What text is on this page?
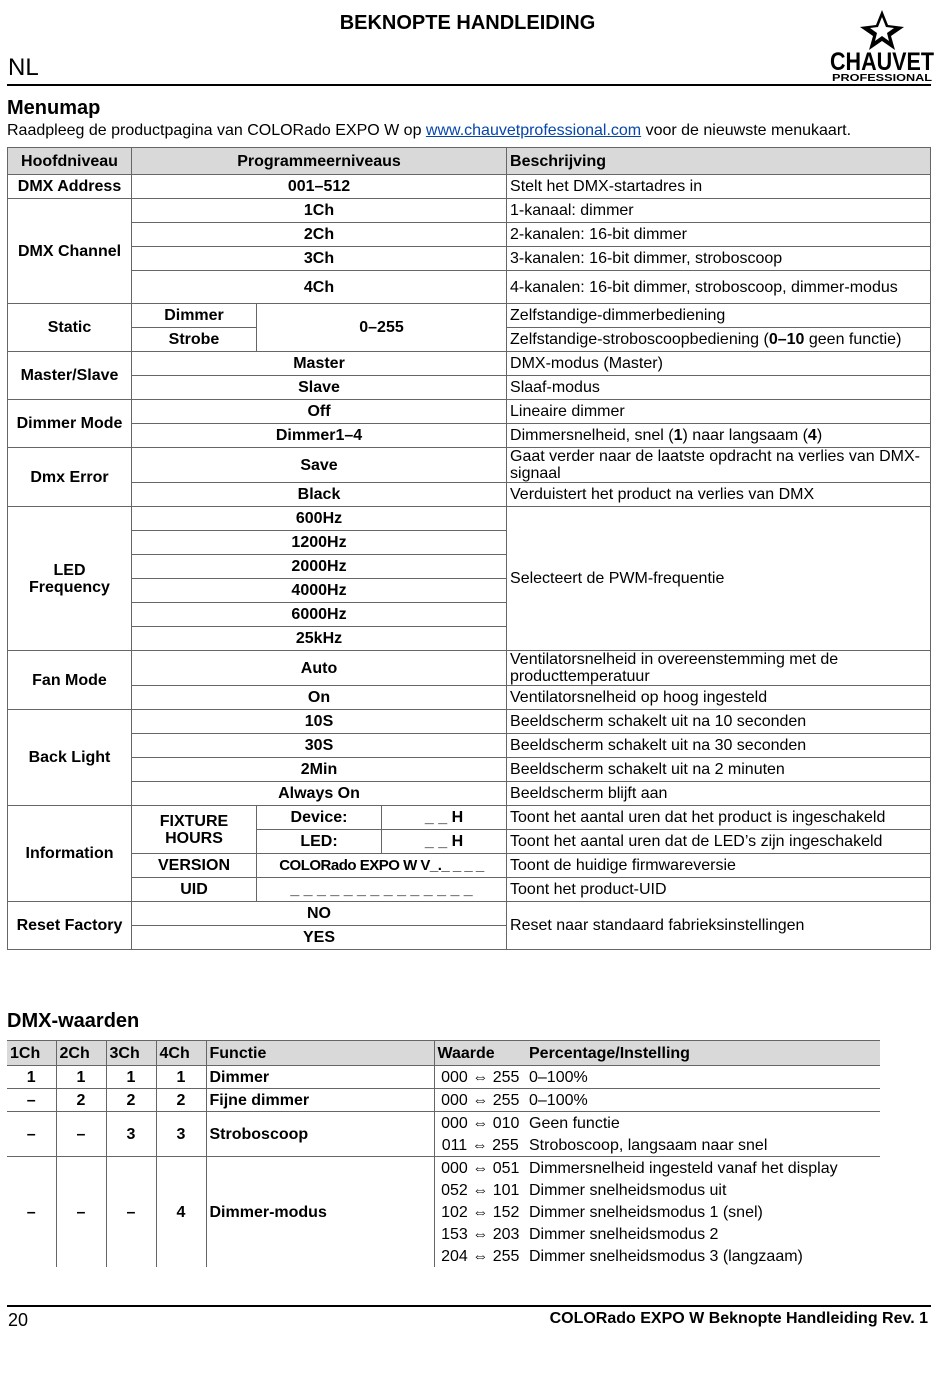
BEKNOPTE HANDLEIDING
NL	CHAUVET
PROFESSIONAL
Menumap
Raadpleeg de productpagina van COLORado EXPO W op www.chauvetprofessional.com voor de nieuwste menukaart.
Hoofdniveau	Programmeerniveaus			Beschrijving
DMX Address	001–512			Stelt het DMX-startadres in
DMX Channel	1Ch			1-kanaal: dimmer
	2Ch			2-kanalen: 16-bit dimmer
	3Ch			3-kanalen: 16-bit dimmer, stroboscoop
	4Ch			4-kanalen: 16-bit dimmer, stroboscoop, dimmer-modus
Static	Dimmer	0–255		Zelfstandige-dimmerbediening
	Strobe			Zelfstandige-stroboscoopbediening (0–10 geen functie)
Master/Slave	Master			DMX-modus (Master)
	Slave			Slaaf-modus
Dimmer Mode	Off			Lineaire dimmer
	Dimmer1–4			Dimmersnelheid, snel (1) naar langsaam (4)
Dmx Error	Save			Gaat verder naar de laatste opdracht na verlies van DMX-signaal
	Black			Verduistert het product na verlies van DMX
LED Frequency	600Hz			Selecteert de PWM-frequentie
	1200Hz			
	2000Hz			
	4000Hz			
	6000Hz			
	25kHz			
Fan Mode	Auto			Ventilatorsnelheid in overeenstemming met de producttemperatuur
	On			Ventilatorsnelheid op hoog ingesteld
Back Light	10S			Beeldscherm schakelt uit na 10 seconden
	30S			Beeldscherm schakelt uit na 30 seconden
	2Min			Beeldscherm schakelt uit na 2 minuten
	Always On			Beeldscherm blijft aan
Information	FIXTURE HOURS	Device:	_ _ H	Toont het aantal uren dat het product is ingeschakeld
		LED:	_ _ H	Toont het aantal uren dat de LED’s zijn ingeschakeld
	VERSION	COLORado EXPO W V_._ _ _ _		Toont de huidige firmwareversie
	UID	_ _ _ _ _ _ _ _ _ _ _ _ _ _		Toont het product-UID
Reset Factory	NO			Reset naar standaard fabrieksinstellingen
	YES			
DMX-waarden
1Ch	2Ch	3Ch	4Ch	Functie	Waarde	Percentage/Instelling
1	1	1	1	Dimmer	000 ⇔ 255	0–100%
–	2	2	2	Fijne dimmer	000 ⇔ 255	0–100%
–	–	3	3	Stroboscoop	000 ⇔ 010	Geen functie
					011 ⇔ 255	Stroboscoop, langsaam naar snel
–	–	–	4	Dimmer-modus	000 ⇔ 051	Dimmersnelheid ingesteld vanaf het display
					052 ⇔ 101	Dimmer snelheidsmodus uit
					102 ⇔ 152	Dimmer snelheidsmodus 1 (snel)
					153 ⇔ 203	Dimmer snelheidsmodus 2
					204 ⇔ 255	Dimmer snelheidsmodus 3 (langzaam)
20	COLORado EXPO W Beknopte Handleiding Rev. 1
